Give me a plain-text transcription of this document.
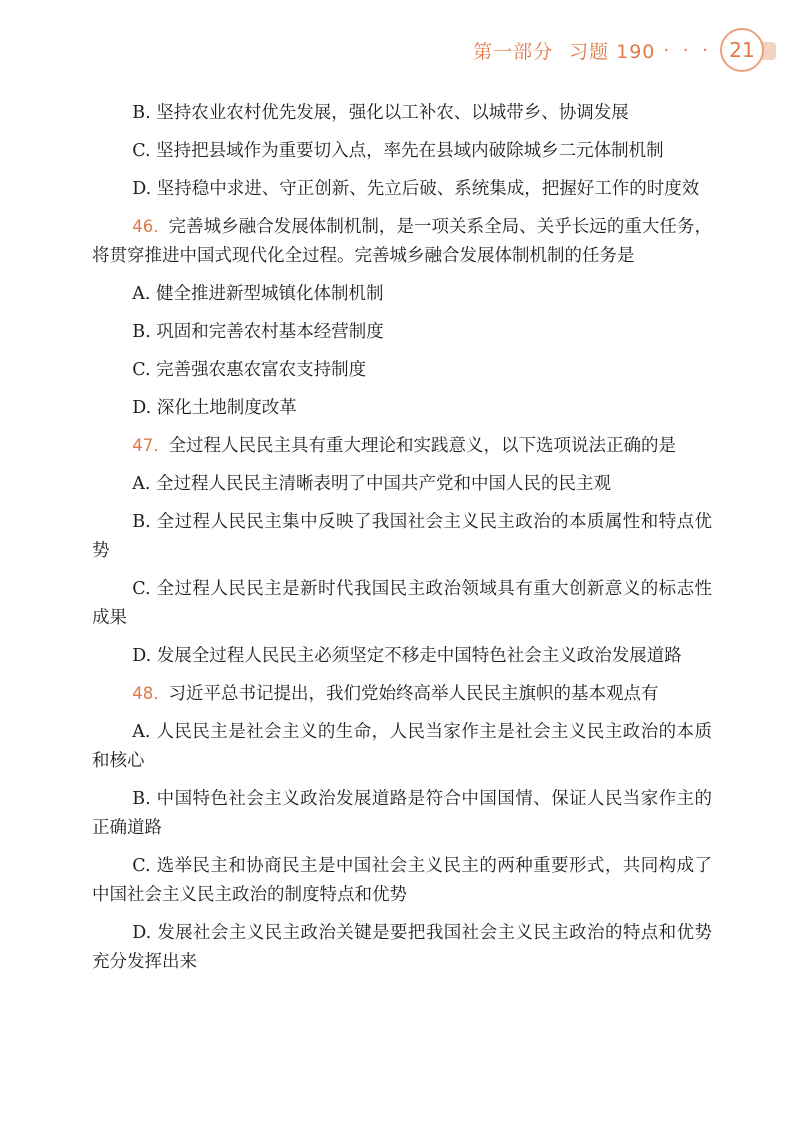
第一部分 习题 190 · · · 21

B. 坚持农业农村优先发展，强化以工补农、以城带乡、协调发展

C. 坚持把县域作为重要切入点，率先在县域内破除城乡二元体制机制

D. 坚持稳中求进、守正创新、先立后破、系统集成，把握好工作的时度效

46. 完善城乡融合发展体制机制，是一项关系全局、关乎长远的重大任务，将贯穿推进中国式现代化全过程。完善城乡融合发展体制机制的任务是

A. 健全推进新型城镇化体制机制

B. 巩固和完善农村基本经营制度

C. 完善强农惠农富农支持制度

D. 深化土地制度改革

47. 全过程人民民主具有重大理论和实践意义，以下选项说法正确的是

A. 全过程人民民主清晰表明了中国共产党和中国人民的民主观

B. 全过程人民民主集中反映了我国社会主义民主政治的本质属性和特点优势

C. 全过程人民民主是新时代我国民主政治领域具有重大创新意义的标志性成果

D. 发展全过程人民民主必须坚定不移走中国特色社会主义政治发展道路

48. 习近平总书记提出，我们党始终高举人民民主旗帜的基本观点有

A. 人民民主是社会主义的生命，人民当家作主是社会主义民主政治的本质和核心

B. 中国特色社会主义政治发展道路是符合中国国情、保证人民当家作主的正确道路

C. 选举民主和协商民主是中国社会主义民主的两种重要形式，共同构成了中国社会主义民主政治的制度特点和优势

D. 发展社会主义民主政治关键是要把我国社会主义民主政治的特点和优势充分发挥出来
